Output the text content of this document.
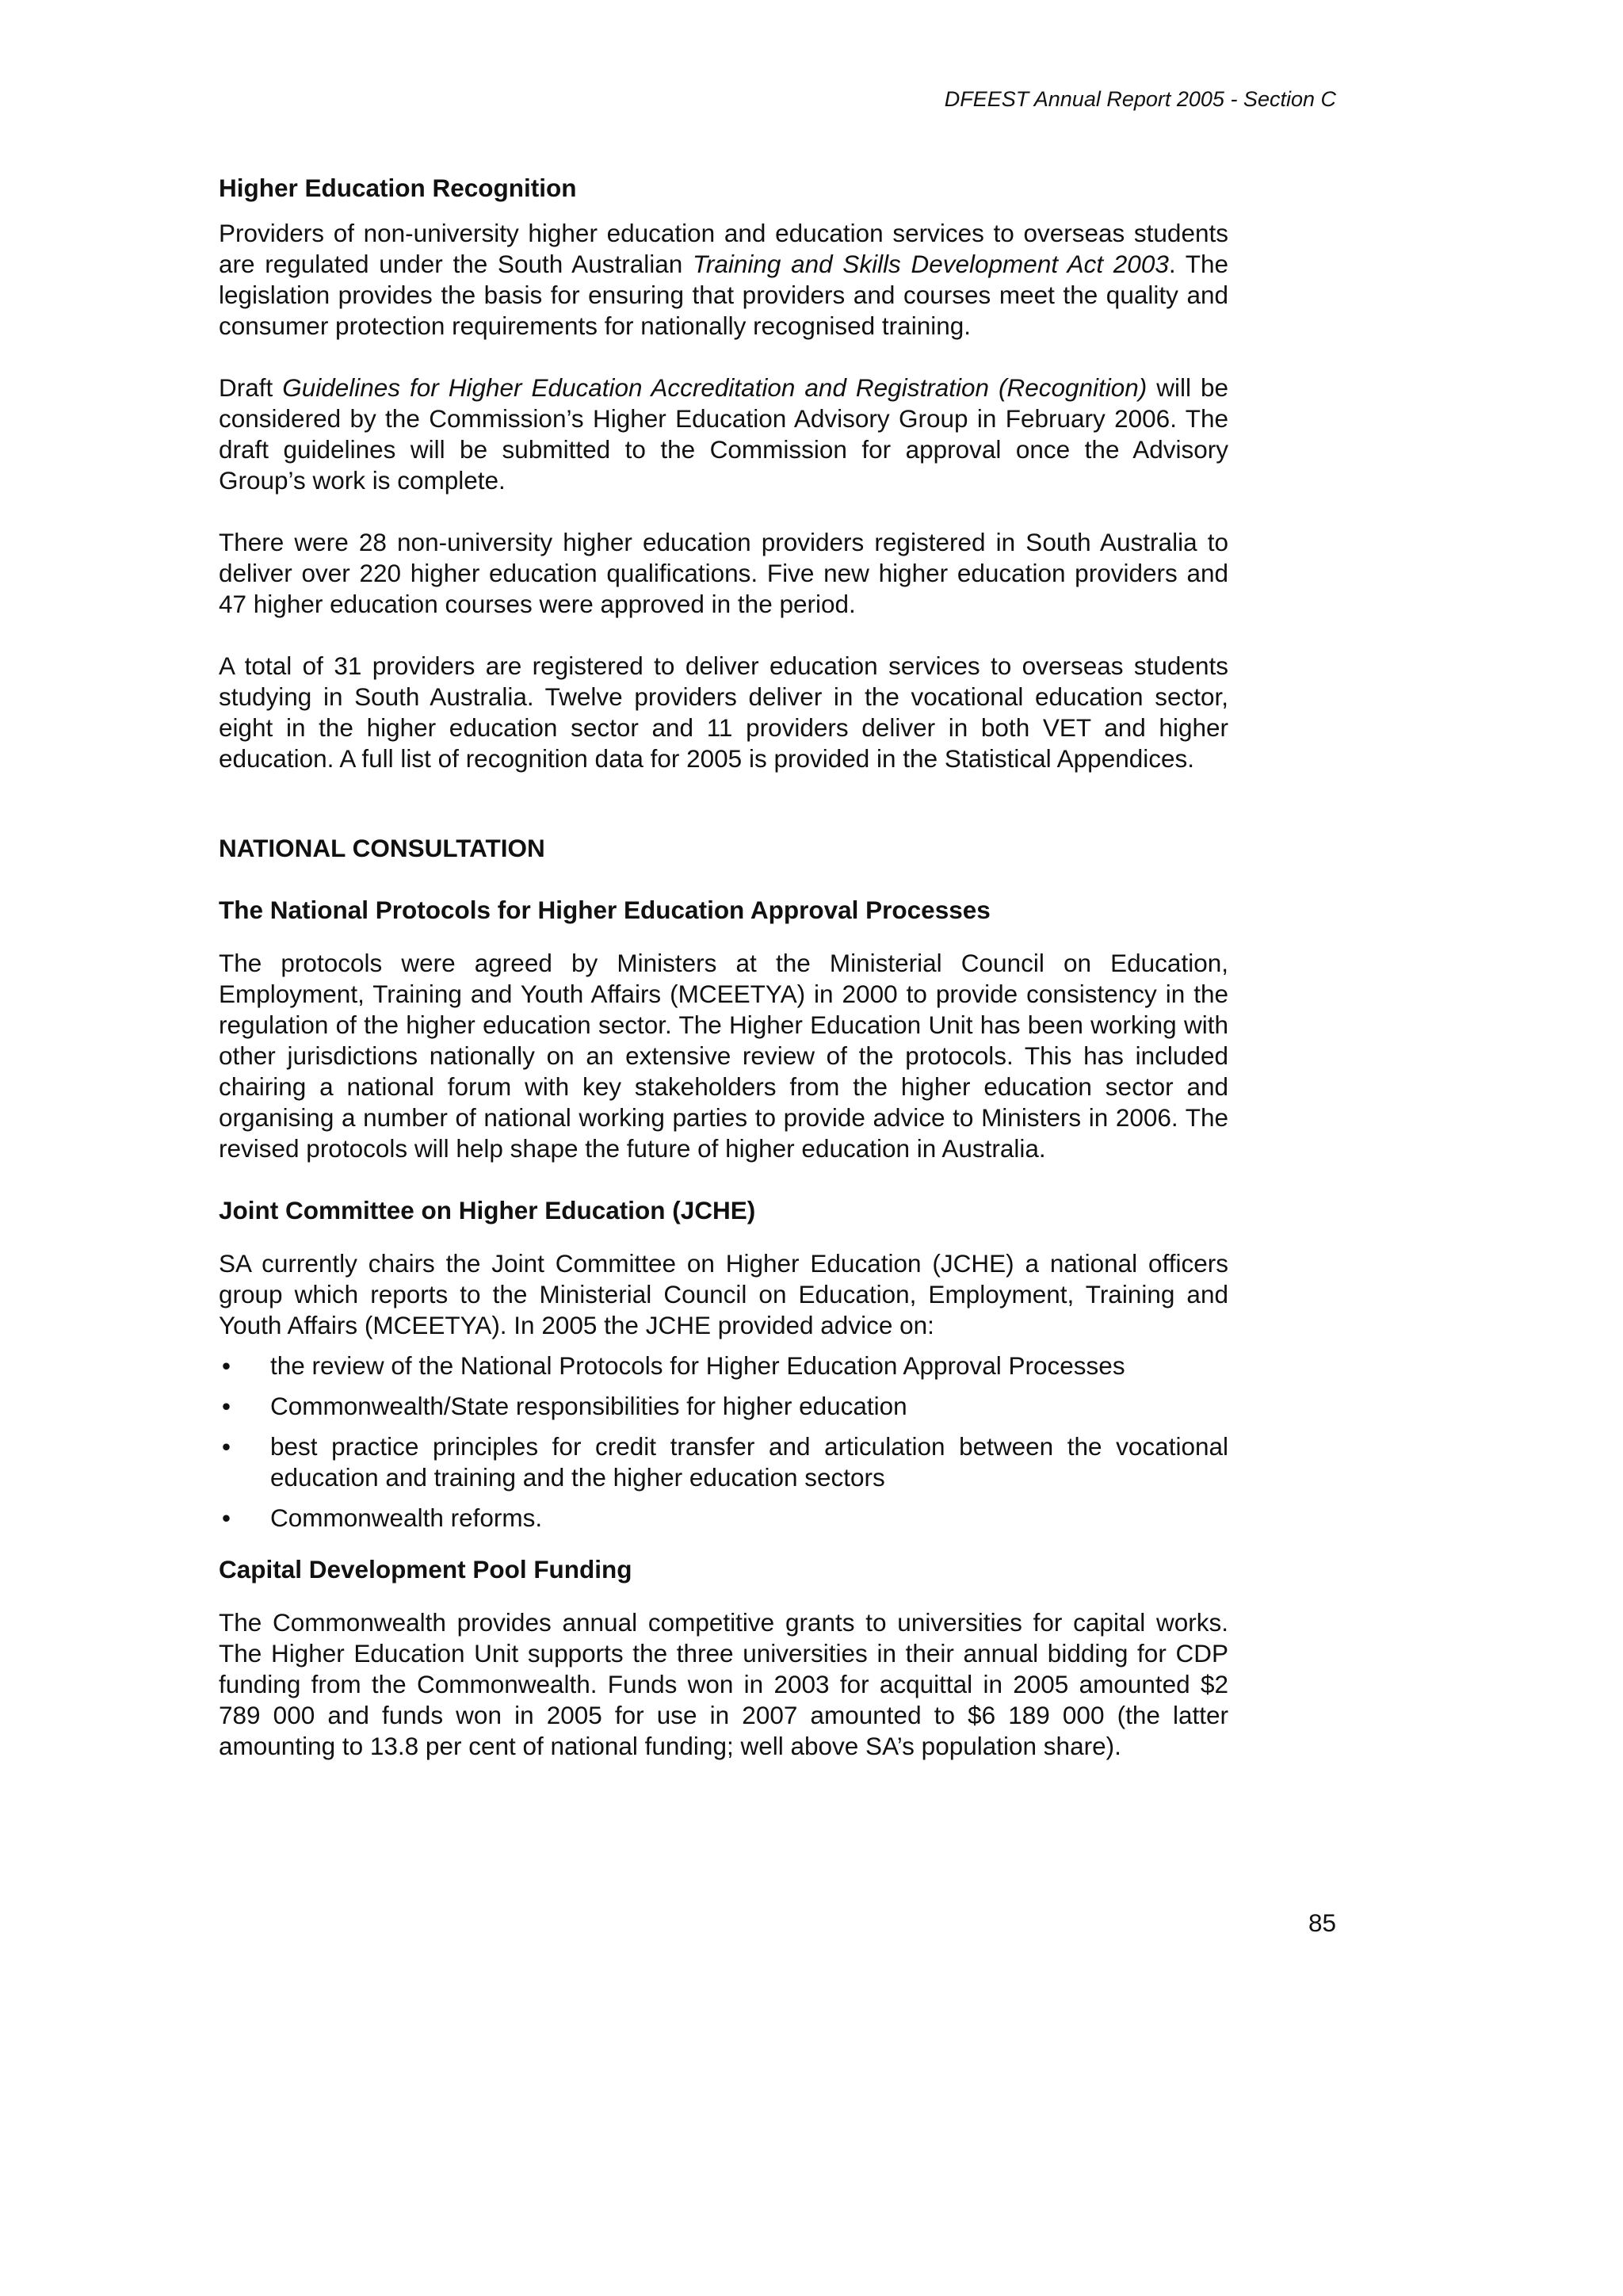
DFEEST Annual Report 2005 - Section C
Higher Education Recognition

Providers of non-university higher education and education services to overseas students are regulated under the South Australian Training and Skills Development Act 2003. The legislation provides the basis for ensuring that providers and courses meet the quality and consumer protection requirements for nationally recognised training.

Draft Guidelines for Higher Education Accreditation and Registration (Recognition) will be considered by the Commission’s Higher Education Advisory Group in February 2006. The draft guidelines will be submitted to the Commission for approval once the Advisory Group’s work is complete.

There were 28 non-university higher education providers registered in South Australia to deliver over 220 higher education qualifications. Five new higher education providers and 47 higher education courses were approved in the period.

A total of 31 providers are registered to deliver education services to overseas students studying in South Australia. Twelve providers deliver in the vocational education sector, eight in the higher education sector and 11 providers deliver in both VET and higher education. A full list of recognition data for 2005 is provided in the Statistical Appendices.

NATIONAL CONSULTATION
The National Protocols for Higher Education Approval Processes

The protocols were agreed by Ministers at the Ministerial Council on Education, Employment, Training and Youth Affairs (MCEETYA) in 2000 to provide consistency in the regulation of the higher education sector. The Higher Education Unit has been working with other jurisdictions nationally on an extensive review of the protocols. This has included chairing a national forum with key stakeholders from the higher education sector and organising a number of national working parties to provide advice to Ministers in 2006. The revised protocols will help shape the future of higher education in Australia.

Joint Committee on Higher Education (JCHE)

SA currently chairs the Joint Committee on Higher Education (JCHE) a national officers group which reports to the Ministerial Council on Education, Employment, Training and Youth Affairs (MCEETYA). In 2005 the JCHE provided advice on:

• the review of the National Protocols for Higher Education Approval Processes
• Commonwealth/State responsibilities for higher education
• best practice principles for credit transfer and articulation between the vocational education and training and the higher education sectors
• Commonwealth reforms.
Capital Development Pool Funding

The Commonwealth provides annual competitive grants to universities for capital works. The Higher Education Unit supports the three universities in their annual bidding for CDP funding from the Commonwealth. Funds won in 2003 for acquittal in 2005 amounted $2 789 000 and funds won in 2005 for use in 2007 amounted to $6 189 000 (the latter amounting to 13.8 per cent of national funding; well above SA’s population share).

85
